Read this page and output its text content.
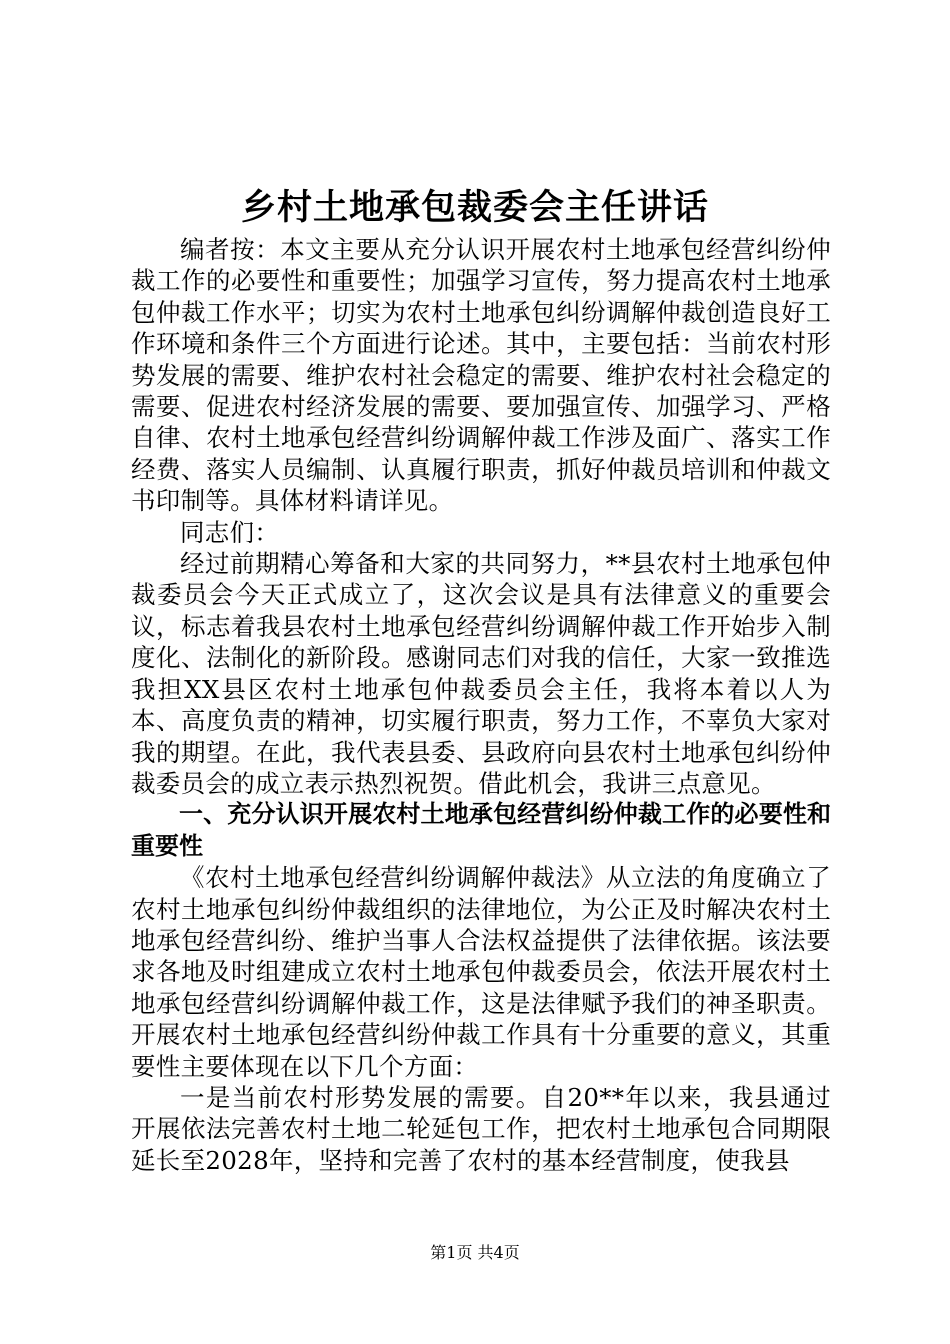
乡村土地承包裁委会主任讲话

编者按：本文主要从充分认识开展农村土地承包经营纠纷仲裁工作的必要性和重要性；加强学习宣传，努力提高农村土地承包仲裁工作水平；切实为农村土地承包纠纷调解仲裁创造良好工作环境和条件三个方面进行论述。其中，主要包括：当前农村形势发展的需要、维护农村社会稳定的需要、维护农村社会稳定的需要、促进农村经济发展的需要、要加强宣传、加强学习、严格自律、农村土地承包经营纠纷调解仲裁工作涉及面广、落实工作经费、落实人员编制、认真履行职责，抓好仲裁员培训和仲裁文书印制等。具体材料请详见。

同志们：

经过前期精心筹备和大家的共同努力，**县农村土地承包仲裁委员会今天正式成立了，这次会议是具有法律意义的重要会议，标志着我县农村土地承包经营纠纷调解仲裁工作开始步入制度化、法制化的新阶段。感谢同志们对我的信任，大家一致推选我担XX县区农村土地承包仲裁委员会主任，我将本着以人为本、高度负责的精神，切实履行职责，努力工作，不辜负大家对我的期望。在此，我代表县委、县政府向县农村土地承包纠纷仲裁委员会的成立表示热烈祝贺。借此机会，我讲三点意见。

一、充分认识开展农村土地承包经营纠纷仲裁工作的必要性和重要性

《农村土地承包经营纠纷调解仲裁法》从立法的角度确立了农村土地承包纠纷仲裁组织的法律地位，为公正及时解决农村土地承包经营纠纷、维护当事人合法权益提供了法律依据。该法要求各地及时组建成立农村土地承包仲裁委员会，依法开展农村土地承包经营纠纷调解仲裁工作，这是法律赋予我们的神圣职责。开展农村土地承包经营纠纷仲裁工作具有十分重要的意义，其重要性主要体现在以下几个方面：

一是当前农村形势发展的需要。自20**年以来，我县通过开展依法完善农村土地二轮延包工作，把农村土地承包合同期限延长至2028年，坚持和完善了农村的基本经营制度，使我县

第1页 共4页
